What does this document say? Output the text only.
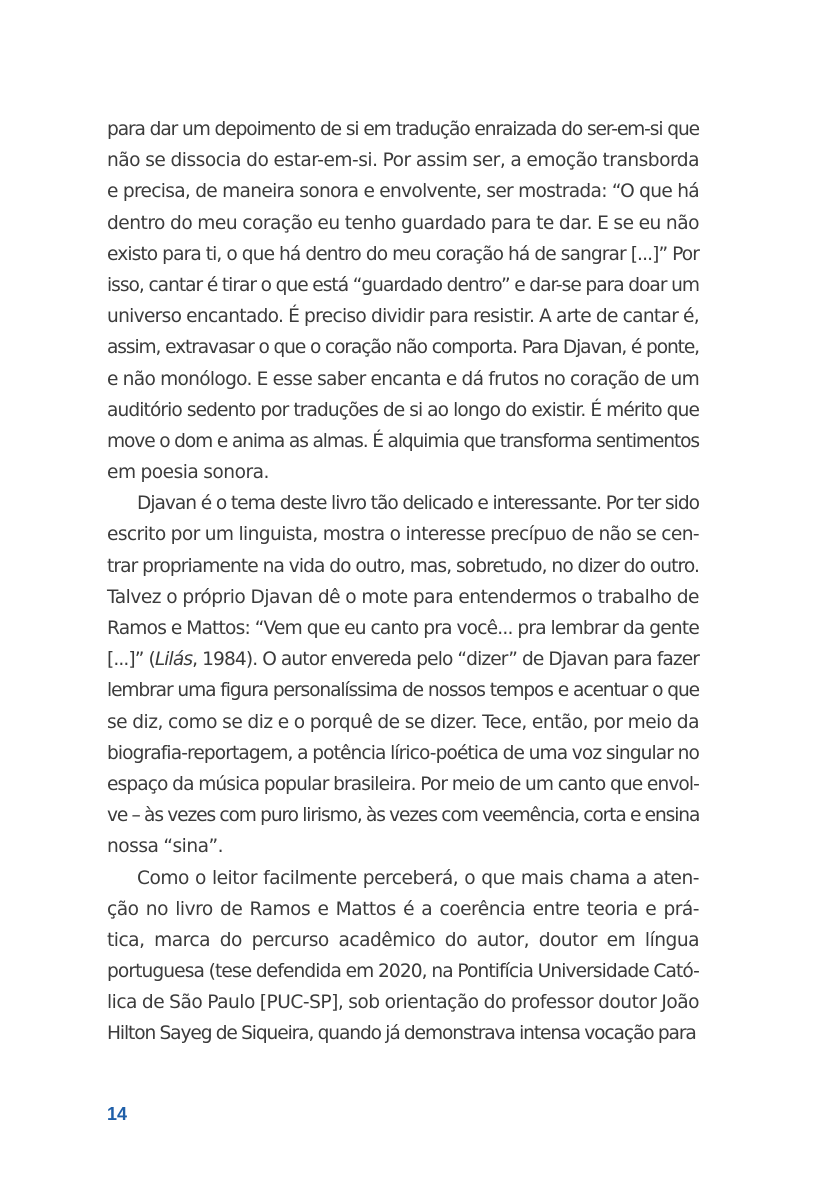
para dar um depoimento de si em tradução enraizada do ser-em-si que
não se dissocia do estar-em-si. Por assim ser, a emoção transborda
e precisa, de maneira sonora e envolvente, ser mostrada: “O que há
dentro do meu coração eu tenho guardado para te dar. E se eu não
existo para ti, o que há dentro do meu coração há de sangrar [...]” Por
isso, cantar é tirar o que está “guardado dentro” e dar-se para doar um
universo encantado. É preciso dividir para resistir. A arte de cantar é,
assim, extravasar o que o coração não comporta. Para Djavan, é ponte,
e não monólogo. E esse saber encanta e dá frutos no coração de um
auditório sedento por traduções de si ao longo do existir. É mérito que
move o dom e anima as almas. É alquimia que transforma sentimentos
em poesia sonora.
Djavan é o tema deste livro tão delicado e interessante. Por ter sido
escrito por um linguista, mostra o interesse precípuo de não se cen-
trar propriamente na vida do outro, mas, sobretudo, no dizer do outro.
Talvez o próprio Djavan dê o mote para entendermos o trabalho de
Ramos e Mattos: “Vem que eu canto pra você... pra lembrar da gente
[...]” (Lilás, 1984). O autor envereda pelo “dizer” de Djavan para fazer
lembrar uma figura personalíssima de nossos tempos e acentuar o que
se diz, como se diz e o porquê de se dizer. Tece, então, por meio da
biografia-reportagem, a potência lírico-poética de uma voz singular no
espaço da música popular brasileira. Por meio de um canto que envol-
ve – às vezes com puro lirismo, às vezes com veemência, corta e ensina
nossa “sina”.
Como o leitor facilmente perceberá, o que mais chama a aten-
ção no livro de Ramos e Mattos é a coerência entre teoria e prá-
tica, marca do percurso acadêmico do autor, doutor em língua
portuguesa (tese defendida em 2020, na Pontifícia Universidade Cató-
lica de São Paulo [PUC-SP], sob orientação do professor doutor João
Hilton Sayeg de Siqueira, quando já demonstrava intensa vocação para
14
